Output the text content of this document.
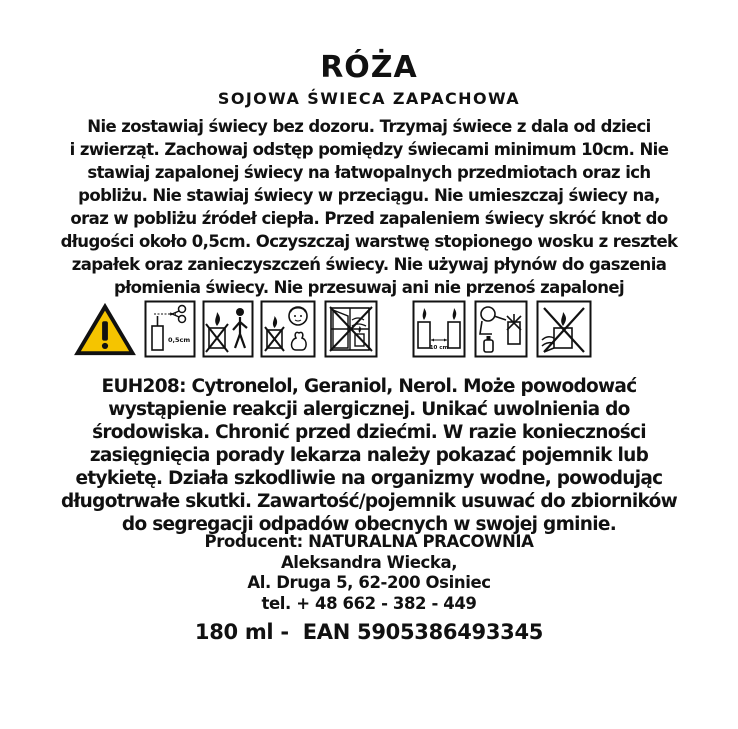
RÓŻA
SOJOWA ŚWIECA ZAPACHOWA
Nie zostawiaj świecy bez dozoru. Trzymaj świece z dala od dzieci
i zwierząt. Zachowaj odstęp pomiędzy świecami minimum 10cm. Nie
stawiaj zapalonej świecy na łatwopalnych przedmiotach oraz ich
pobliżu. Nie stawiaj świecy w przeciągu. Nie umieszczaj świecy na,
oraz w pobliżu źródeł ciepła. Przed zapaleniem świecy skróć knot do
długości około 0,5cm. Oczyszczaj warstwę stopionego wosku z resztek
zapałek oraz zanieczyszczeń świecy. Nie używaj płynów do gaszenia
płomienia świecy. Nie przesuwaj ani nie przenoś zapalonej
0,5cm
10 cm
EUH208: Cytronelol, Geraniol, Nerol. Może powodować
wystąpienie reakcji alergicznej. Unikać uwolnienia do
środowiska. Chronić przed dziećmi. W razie konieczności
zasięgnięcia porady lekarza należy pokazać pojemnik lub
etykietę. Działa szkodliwie na organizmy wodne, powodując
długotrwałe skutki. Zawartość/pojemnik usuwać do zbiorników
do segregacji odpadów obecnych w swojej gminie.
Producent: NATURALNA PRACOWNIA
Aleksandra Wiecka,
Al. Druga 5, 62-200 Osiniec
tel. + 48 662 - 382 - 449
180 ml -  EAN 5905386493345
